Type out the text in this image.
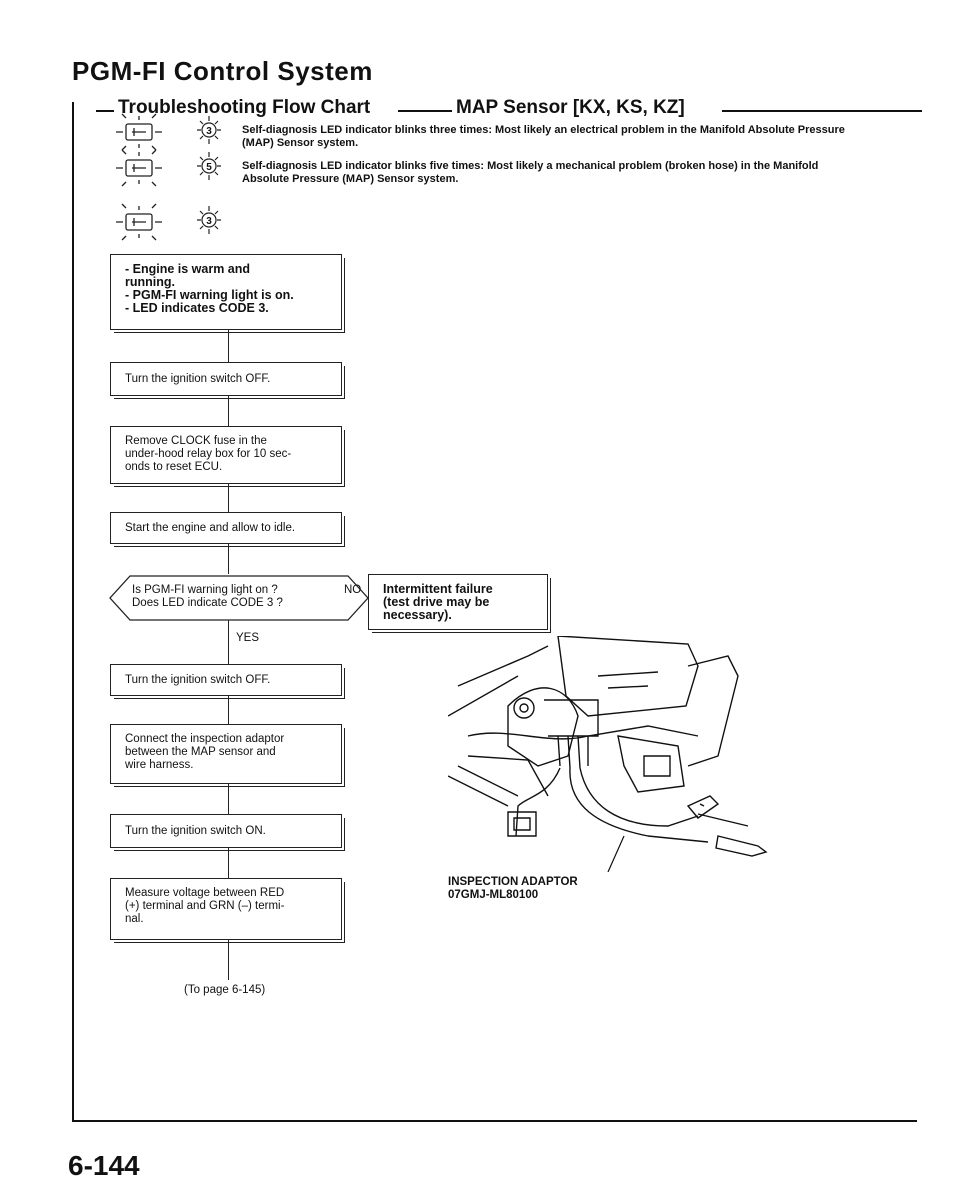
PGM-FI Control System
Troubleshooting Flow Chart	MAP Sensor [KX, KS, KZ]
3
5
3
Self-diagnosis LED indicator blinks three times: Most likely an electrical problem in the Manifold Absolute Pressure
(MAP) Sensor system.
Self-diagnosis LED indicator blinks five times: Most likely a mechanical problem (broken hose) in the Manifold
Absolute Pressure (MAP) Sensor system.
- Engine is warm and
running.
- PGM-FI warning light is on.
- LED indicates CODE 3.
Turn the ignition switch OFF.
Remove CLOCK fuse in the
under-hood relay box for 10 sec-
onds to reset ECU.
Start the engine and allow to idle.
Is PGM-FI warning light on ?
Does LED indicate CODE 3 ?
NO
YES
Intermittent failure
(test drive may be
necessary).
Turn the ignition switch OFF.
Connect the inspection adaptor
between the MAP sensor and
wire harness.
Turn the ignition switch ON.
Measure voltage between RED
(+) terminal and GRN (–) termi-
nal.
(To page 6-145)
INSPECTION ADAPTOR
07GMJ-ML80100
6-144
